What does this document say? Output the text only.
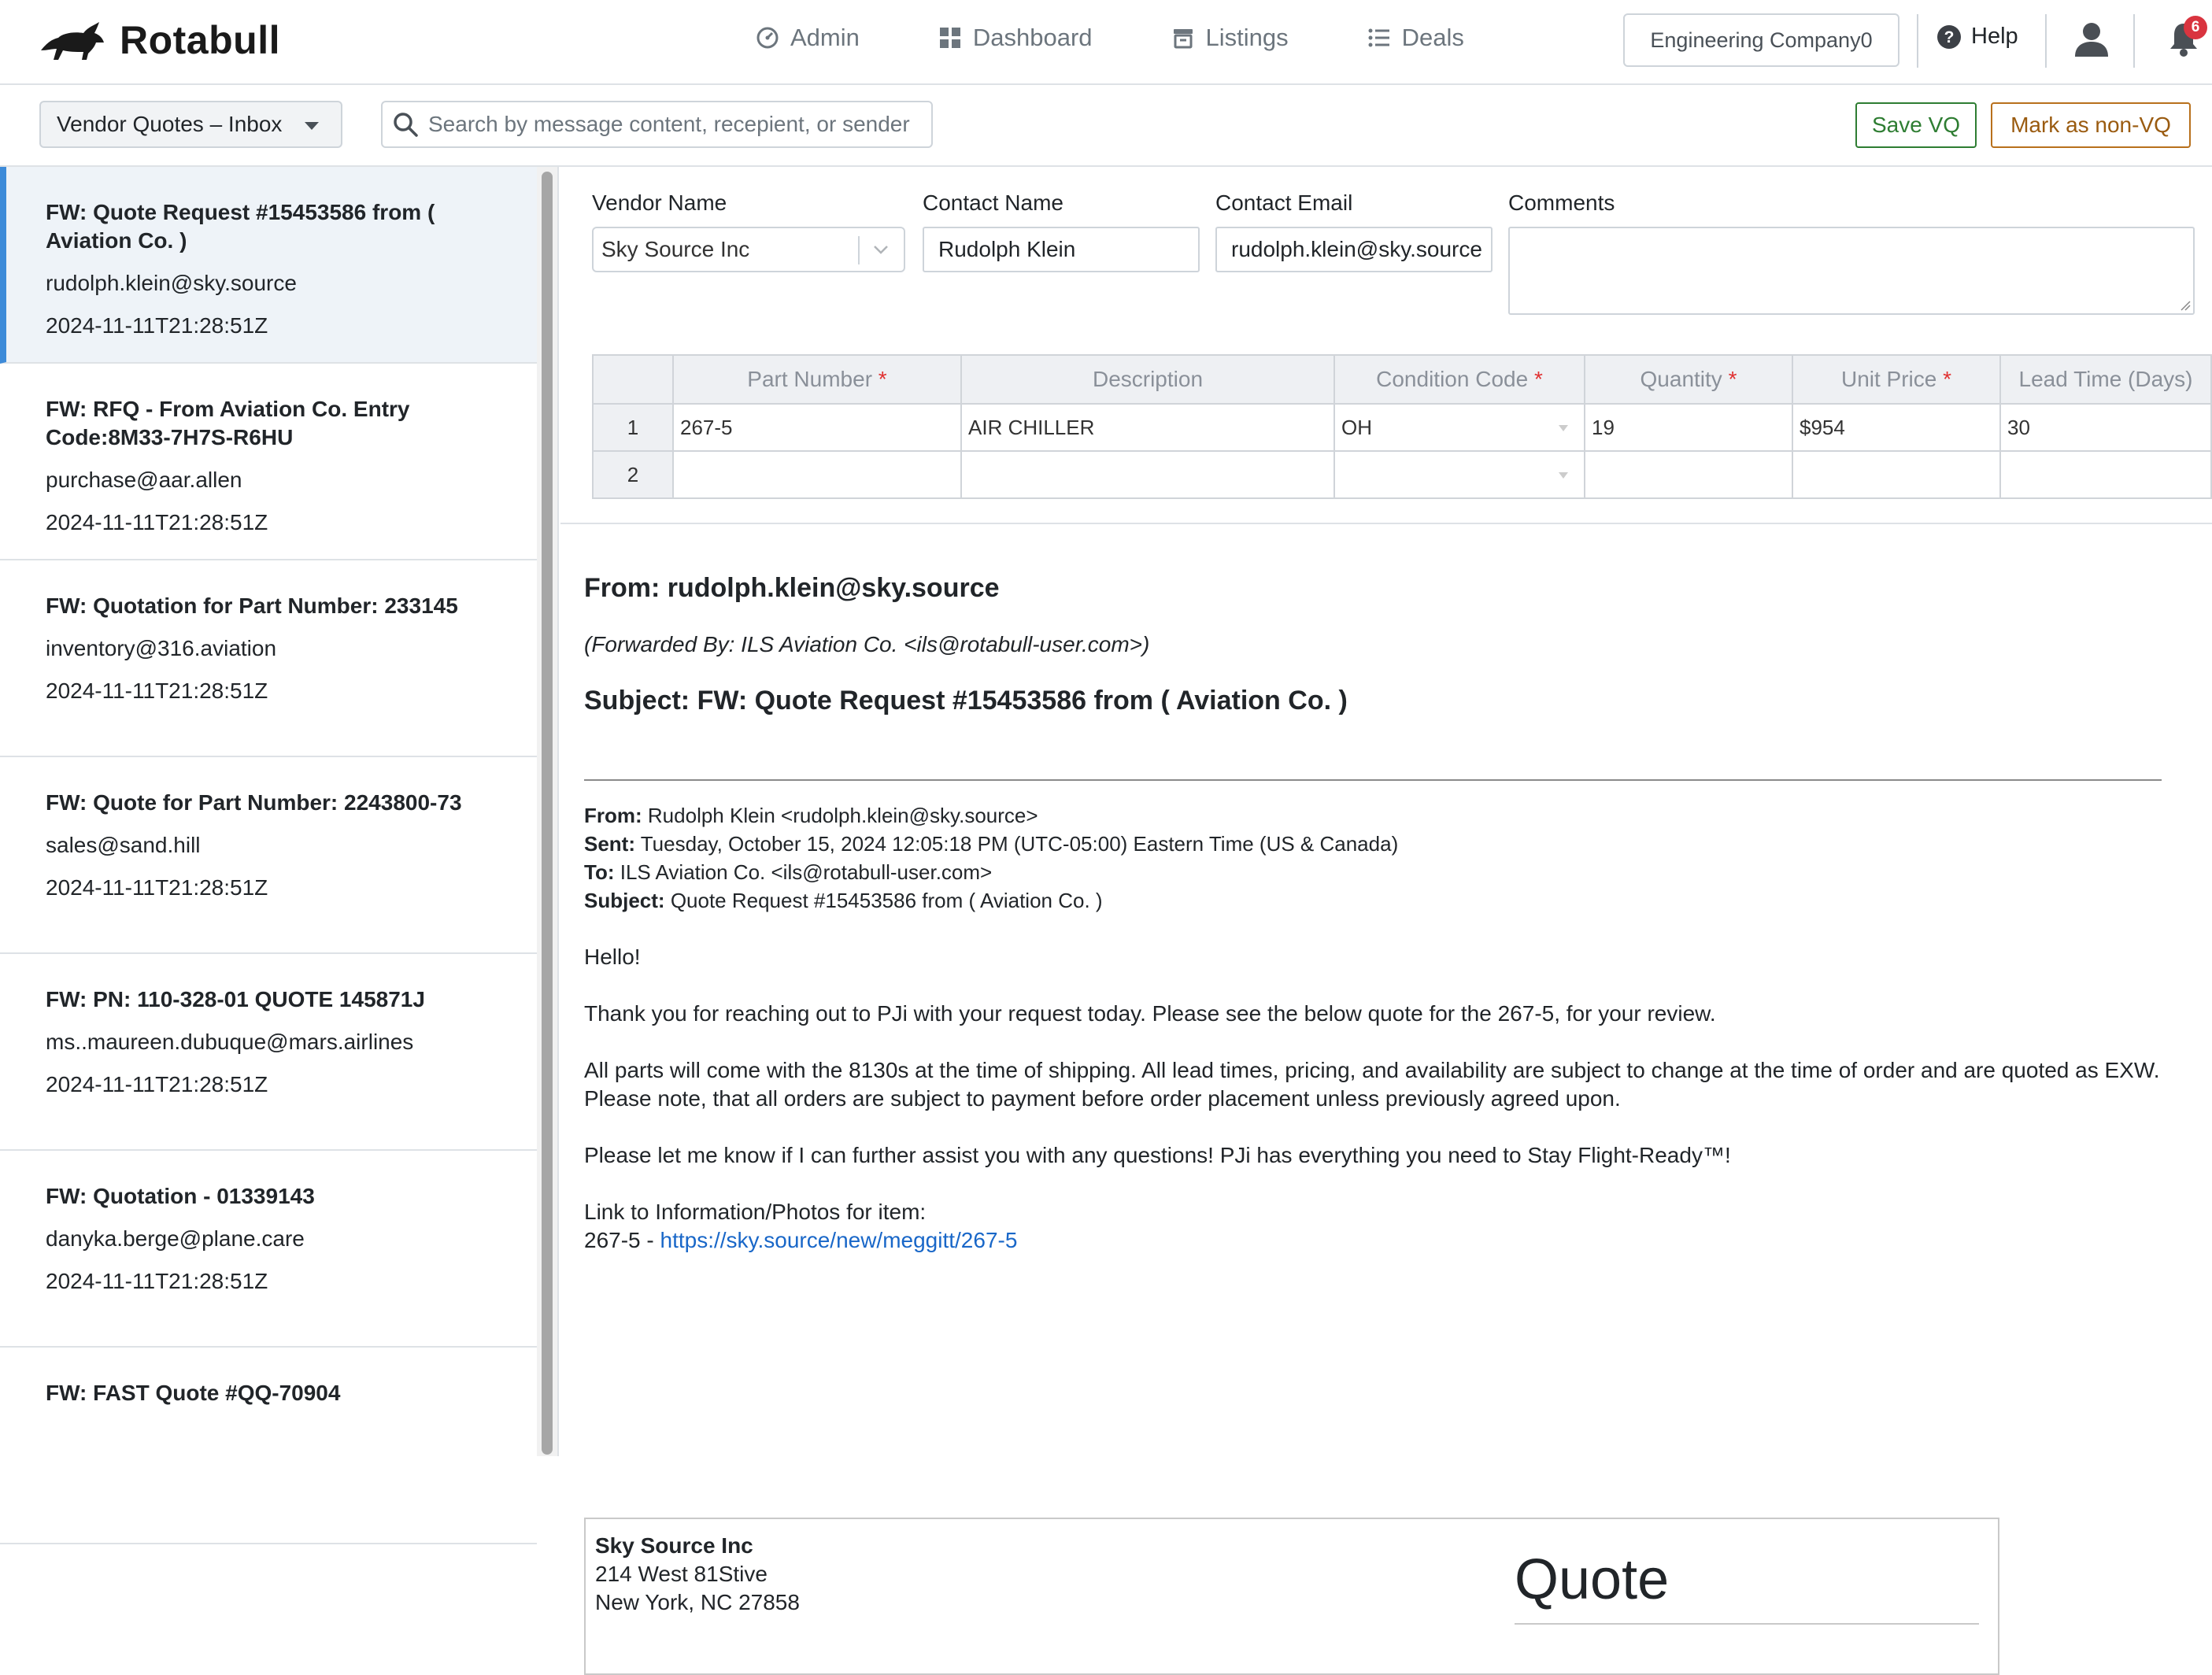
Rotabull	Admin	Dashboard	Listings	Deals	Engineering Company0	? Help	6
Vendor Quotes – Inbox
Search by message content, recepient, or sender	Save VQ	Mark as non-VQ
FW: Quote Request #15453586 from ( Aviation Co. )
rudolph.klein@sky.source
2024-11-11T21:28:51Z
FW: RFQ - From Aviation Co. Entry Code:8M33-7H7S-R6HU
purchase@aar.allen
2024-11-11T21:28:51Z
FW: Quotation for Part Number: 233145
inventory@316.aviation
2024-11-11T21:28:51Z
FW: Quote for Part Number: 2243800-73
sales@sand.hill
2024-11-11T21:28:51Z
FW: PN: 110-328-01 QUOTE 145871J
ms..maureen.dubuque@mars.airlines
2024-11-11T21:28:51Z
FW: Quotation - 01339143
danyka.berge@plane.care
2024-11-11T21:28:51Z
FW: FAST Quote #QQ-70904
Vendor Name	Contact Name	Contact Email	Comments
Sky Source Inc	Rudolph Klein	rudolph.klein@sky.source
	Part Number *	Description	Condition Code *	Quantity *	Unit Price *	Lead Time (Days)
1	267-5	AIR CHILLER	OH	19	$954	30
2			

From: rudolph.klein@sky.source
(Forwarded By: ILS Aviation Co. <ils@rotabull-user.com>)
Subject: FW: Quote Request #15453586 from ( Aviation Co. )

From: Rudolph Klein <rudolph.klein@sky.source>

Sent: Tuesday, October 15, 2024 12:05:18 PM (UTC-05:00) Eastern Time (US & Canada)

To: ILS Aviation Co. <ils@rotabull-user.com>

Subject: Quote Request #15453586 from ( Aviation Co. )

Hello!

Thank you for reaching out to PJi with your request today. Please see the below quote for the 267-5, for your review.

All parts will come with the 8130s at the time of shipping. All lead times, pricing, and availability are subject to change at the time of order and are quoted as EXW. Please note, that all orders are subject to payment before order placement unless previously agreed upon.

Please let me know if I can further assist you with any questions! PJi has everything you need to Stay Flight-Ready™!

Link to Information/Photos for item:
267-5 - https://sky.source/new/meggitt/267-5

Sky Source Inc
214 West 81Stive
New York, NC 27858	Quote
